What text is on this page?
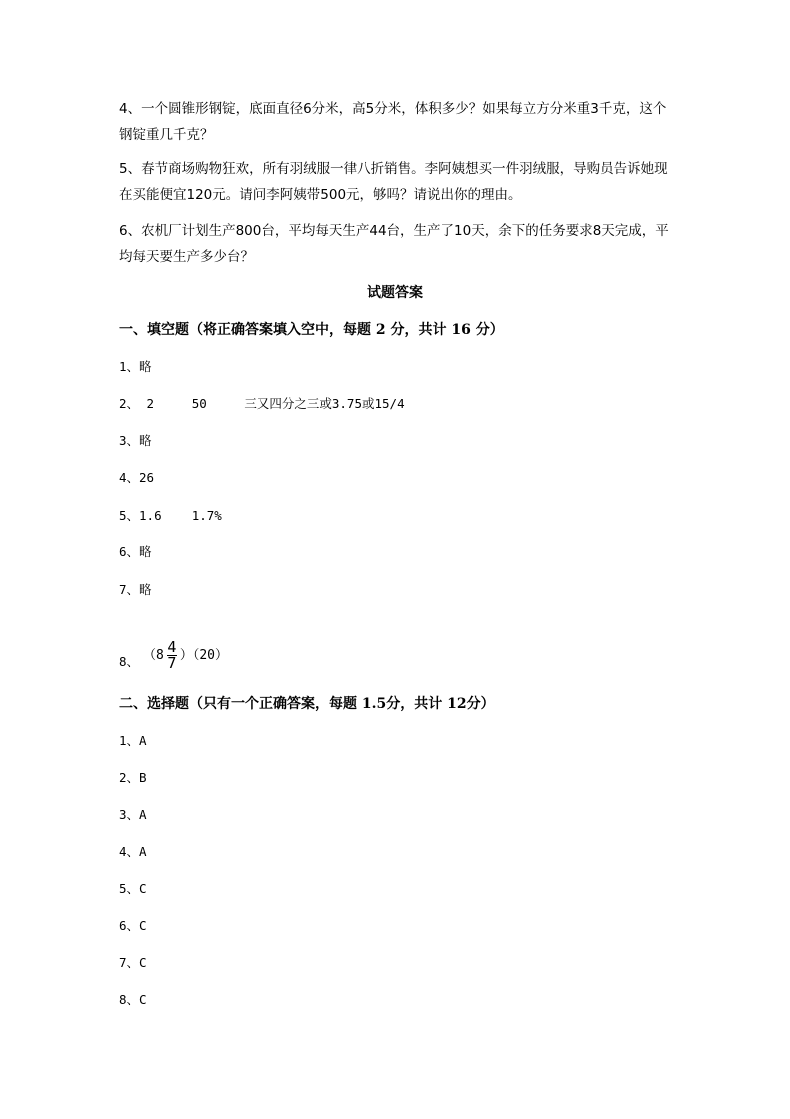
4、一个圆锥形钢锭，底面直径6分米，高5分米，体积多少？如果每立方分米重3千克，这个钢锭重几千克？
5、春节商场购物狂欢，所有羽绒服一律八折销售。李阿姨想买一件羽绒服，导购员告诉她现在买能便宜120元。请问李阿姨带500元，够吗？请说出你的理由。
6、农机厂计划生产800台，平均每天生产44台，生产了10天，余下的任务要求8天完成，平均每天要生产多少台？
试题答案
一、填空题（将正确答案填入空中，每题 2 分，共计 16 分）
1、略
2、 2     50     三又四分之三或3.75或15/4
3、略
4、26
5、1.6    1.7%
6、略
7、略
8、 $(8 \frac{4}{7} )(20)$
二、选择题（只有一个正确答案，每题 1.5分，共计 12分）
1、A
2、B
3、A
4、A
5、C
6、C
7、C
8、C
